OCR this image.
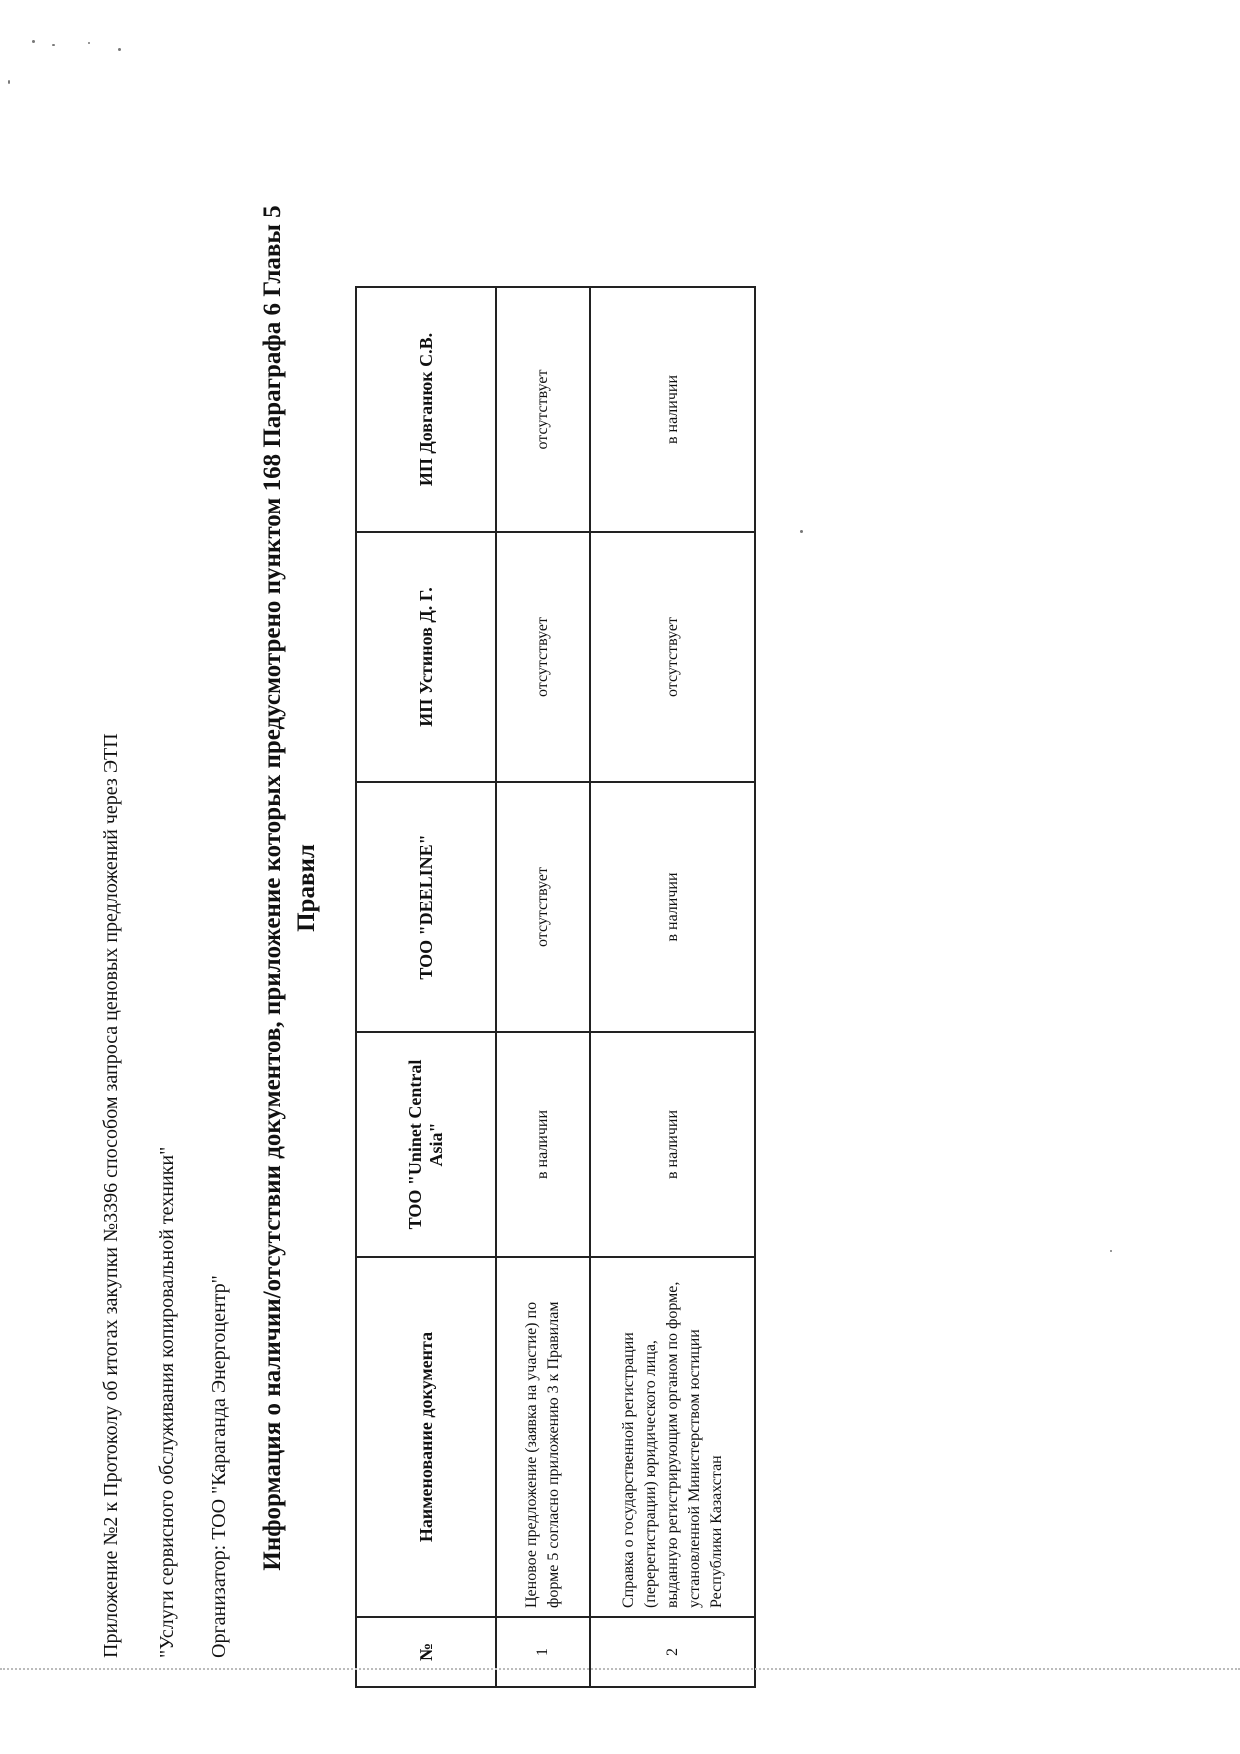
Приложение №2 к Протоколу об итогах закупки №3396 способом запроса ценовых предложений через ЭТП "Услуги сервисного обслуживания копировальной техники" Организатор: ТОО "Караганда Энергоцентр" Информация о наличии/отсутствии документов, приложение которых предусмотрено пунктом 168 Параграфа 6 Главы 5 Правил
№	Наименование документа	ТОО "Uninet Central Asia"	ТОО "DEELINE"	ИП Устинов Д. Г.	ИП Довганюк С.В.
1	Ценовое предложение (заявка на участие) по форме 5 согласно приложению 3 к Правилам	в наличии	отсутствует	отсутствует	отсутствует
2	Справка о государственной регистрации (перерегистрации) юридического лица, выданную регистрирующим органом по форме, установленной Министерством юстиции Республики Казахстан	в наличии	в наличии	отсутствует	в наличии
